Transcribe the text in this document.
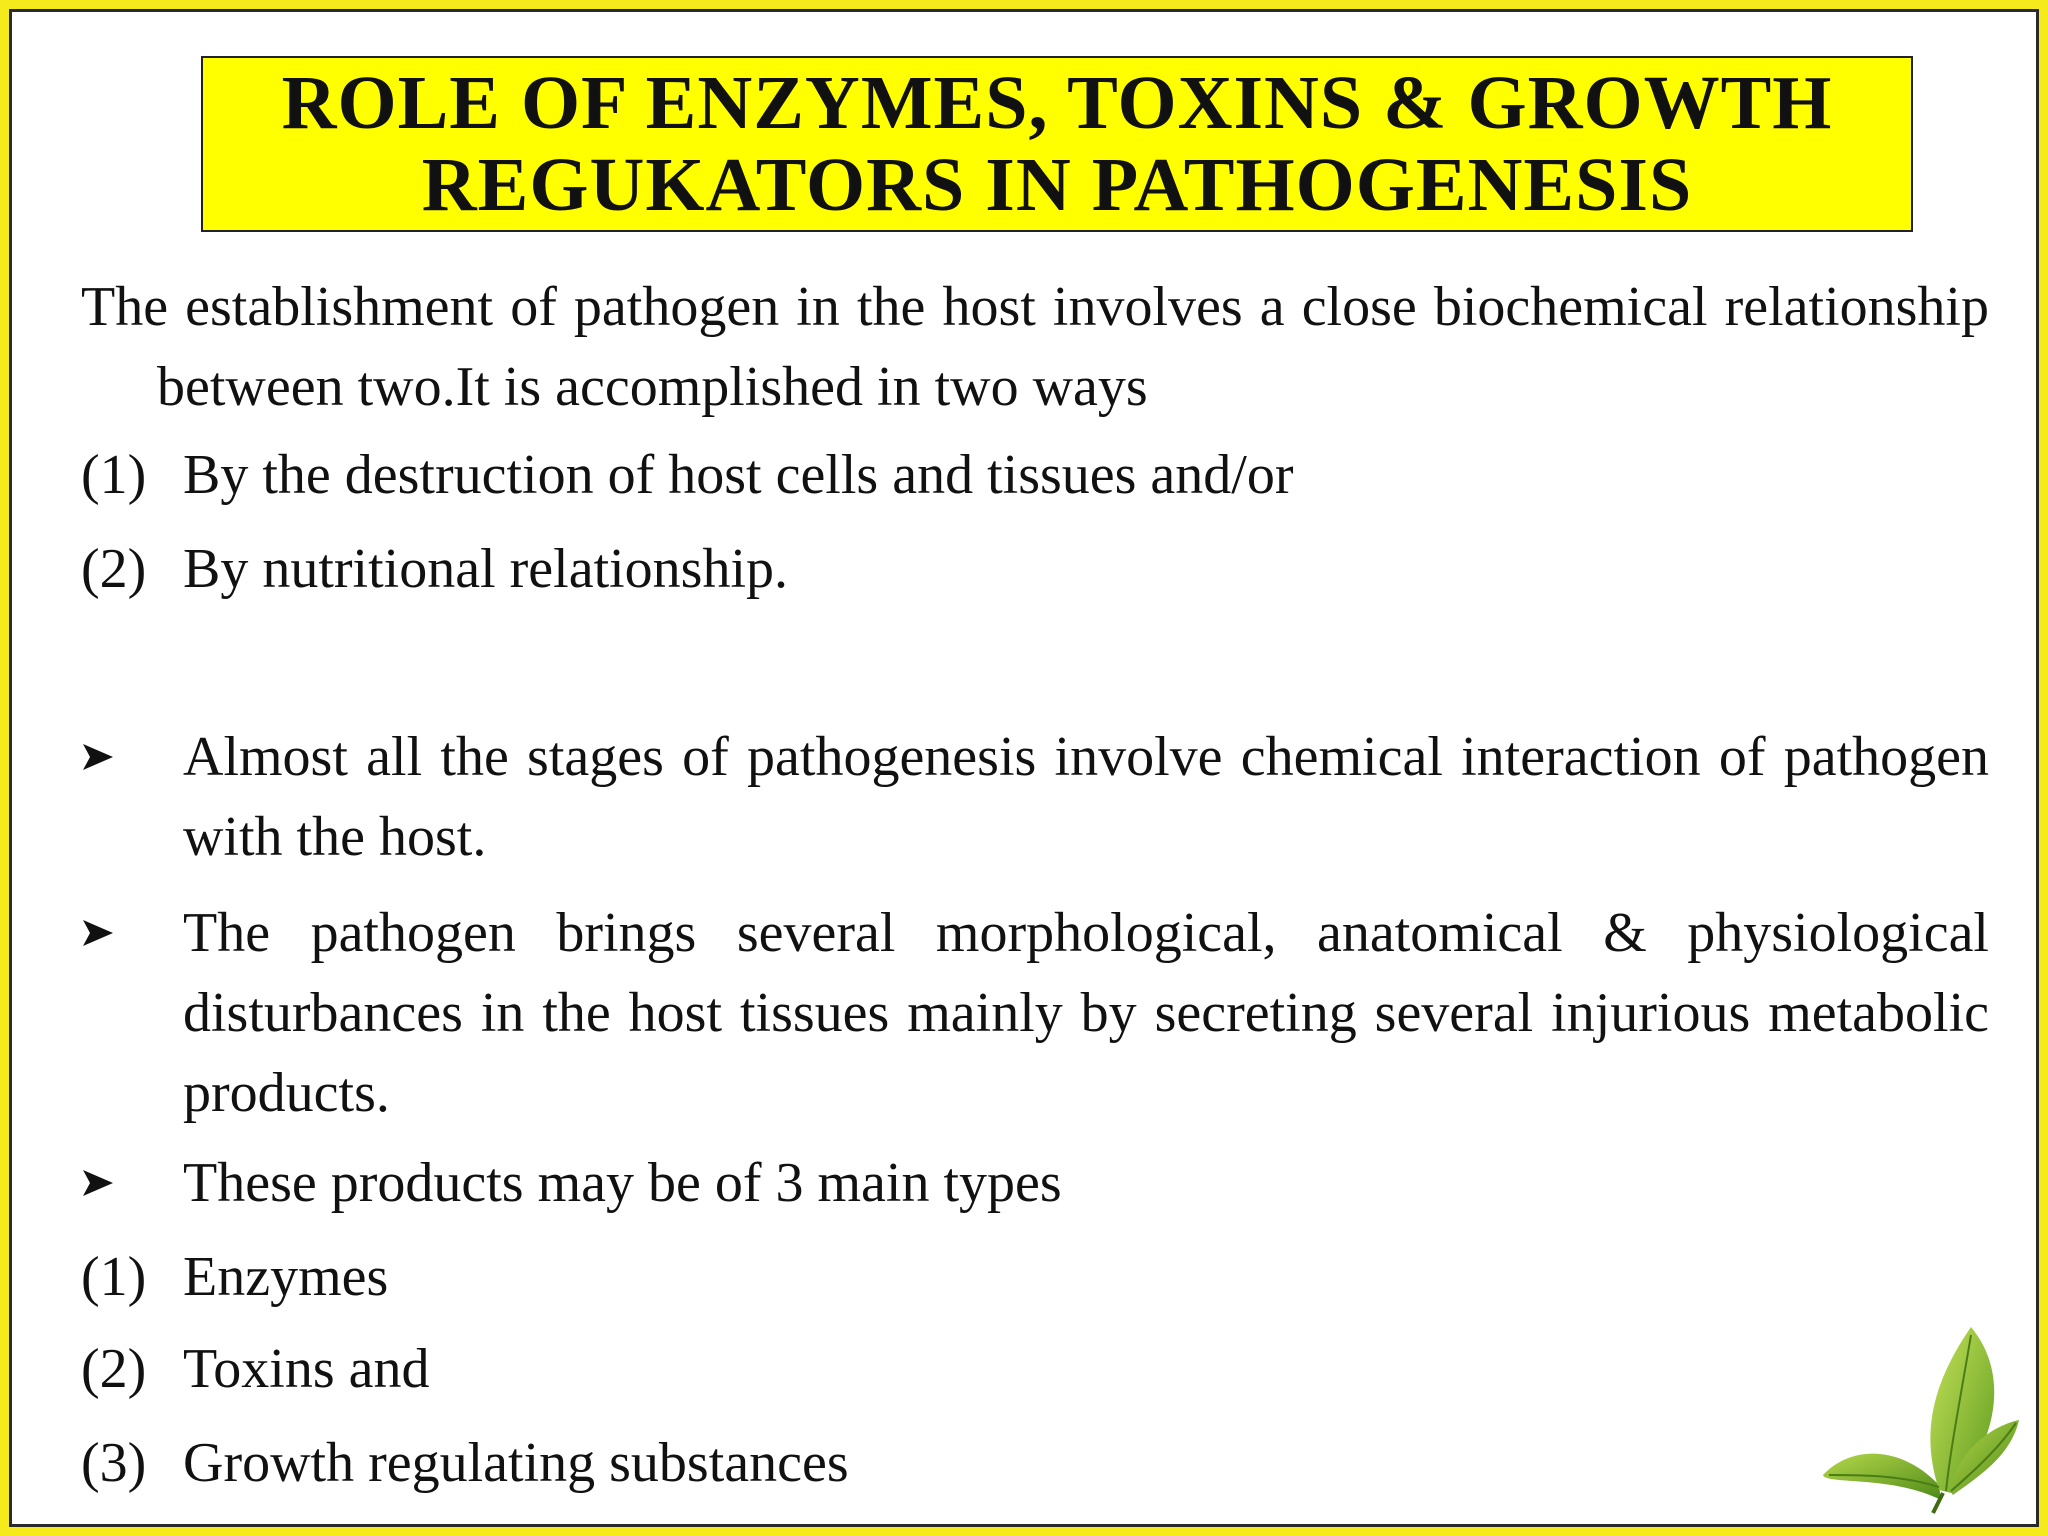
ROLE OF ENZYMES, TOXINS & GROWTH
REGUKATORS IN PATHOGENESIS
The establishment of pathogen in the host involves a close biochemical relationship
between two.It is accomplished in two ways
(1) By the destruction of host cells and tissues and/or
(2) By nutritional relationship.
Almost all the stages of pathogenesis involve chemical interaction of pathogen with the host.
The pathogen brings several morphological, anatomical & physiological disturbances in the host tissues mainly by secreting several injurious metabolic products.
These products may be of 3 main types
(1) Enzymes
(2) Toxins and
(3) Growth regulating substances
